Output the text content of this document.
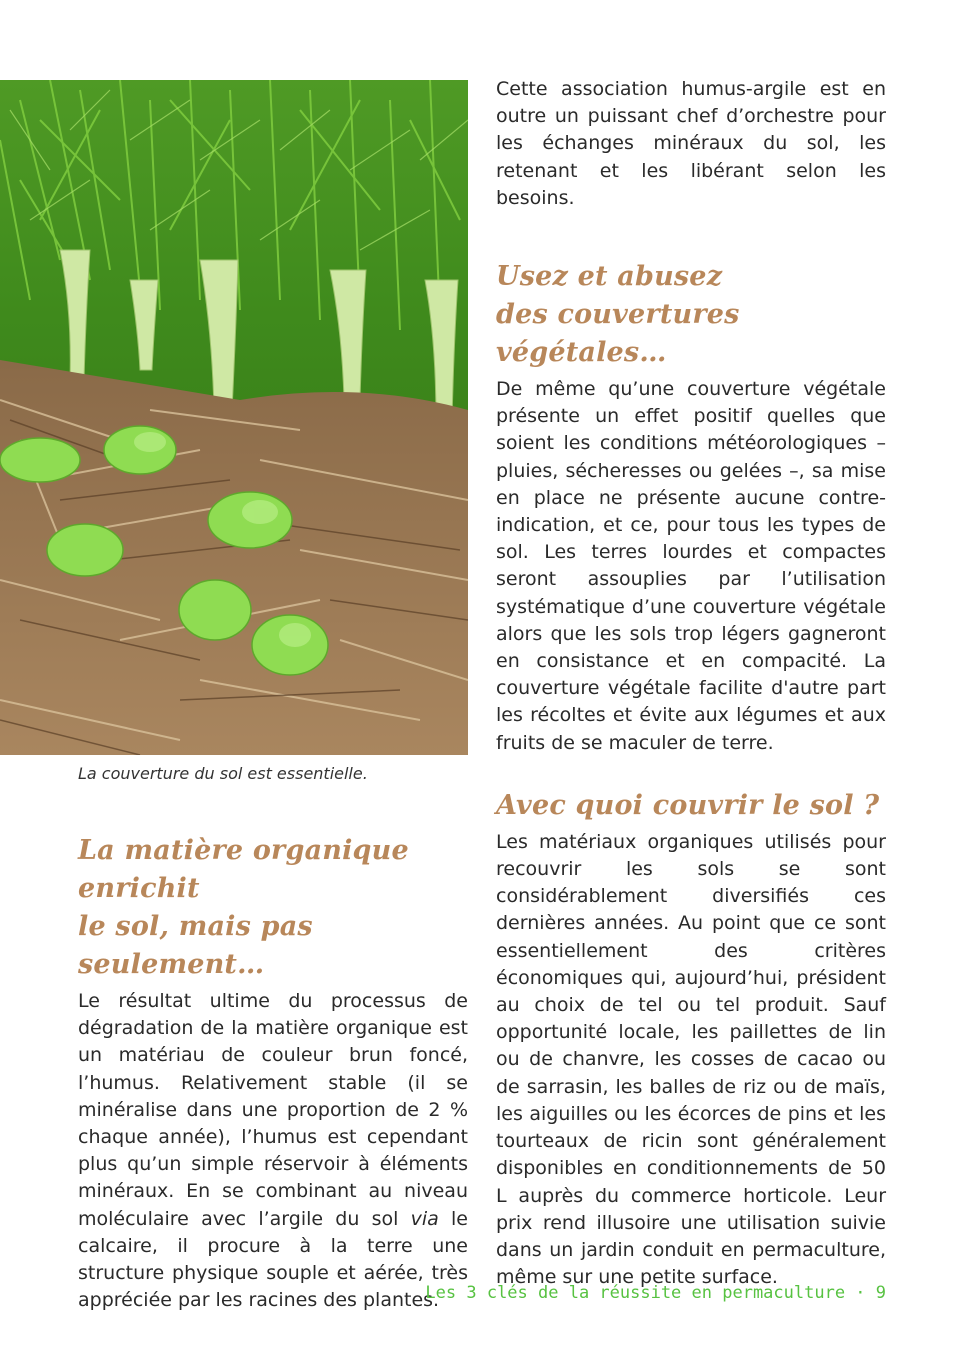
La couverture du sol est essentielle.
La matière organique enrichit
le sol, mais pas seulement…

Le résultat ultime du processus de dégradation de la matière organique est un matériau de couleur brun foncé, l’humus. Relativement stable (il se minéralise dans une proportion de 2 % chaque année), l’humus est cependant plus qu’un simple réservoir à éléments minéraux. En se combinant au niveau moléculaire avec l’argile du sol via le calcaire, il procure à la terre une structure physique souple et aérée, très appréciée par les racines des plantes.

Cette association humus-argile est en outre un puissant chef d’orchestre pour les échanges minéraux du sol, les retenant et les libérant selon les besoins.

Usez et abusez
des couvertures végétales…

De même qu’une couverture végétale présente un effet positif quelles que soient les conditions météorologiques – pluies, sécheresses ou gelées –, sa mise en place ne présente aucune contre-indication, et ce, pour tous les types de sol. Les terres lourdes et compactes seront assouplies par l’utilisation systématique d’une couverture végétale alors que les sols trop légers gagneront en consistance et en compacité. La couverture végétale facilite d'autre part les récoltes et évite aux légumes et aux fruits de se maculer de terre.

Avec quoi couvrir le sol ?

Les matériaux organiques utilisés pour recouvrir les sols se sont considérablement diversifiés ces dernières années. Au point que ce sont essentiellement des critères économiques qui, aujourd’hui, président au choix de tel ou tel produit. Sauf opportunité locale, les paillettes de lin ou de chanvre, les cosses de cacao ou de sarrasin, les balles de riz ou de maïs, les aiguilles ou les écorces de pins et les tourteaux de ricin sont généralement disponibles en conditionnements de 50 L auprès du commerce horticole. Leur prix rend illusoire une utilisation suivie dans un jardin conduit en permaculture, même sur une petite surface.

Les 3 clés de la réussite en permaculture · 9
